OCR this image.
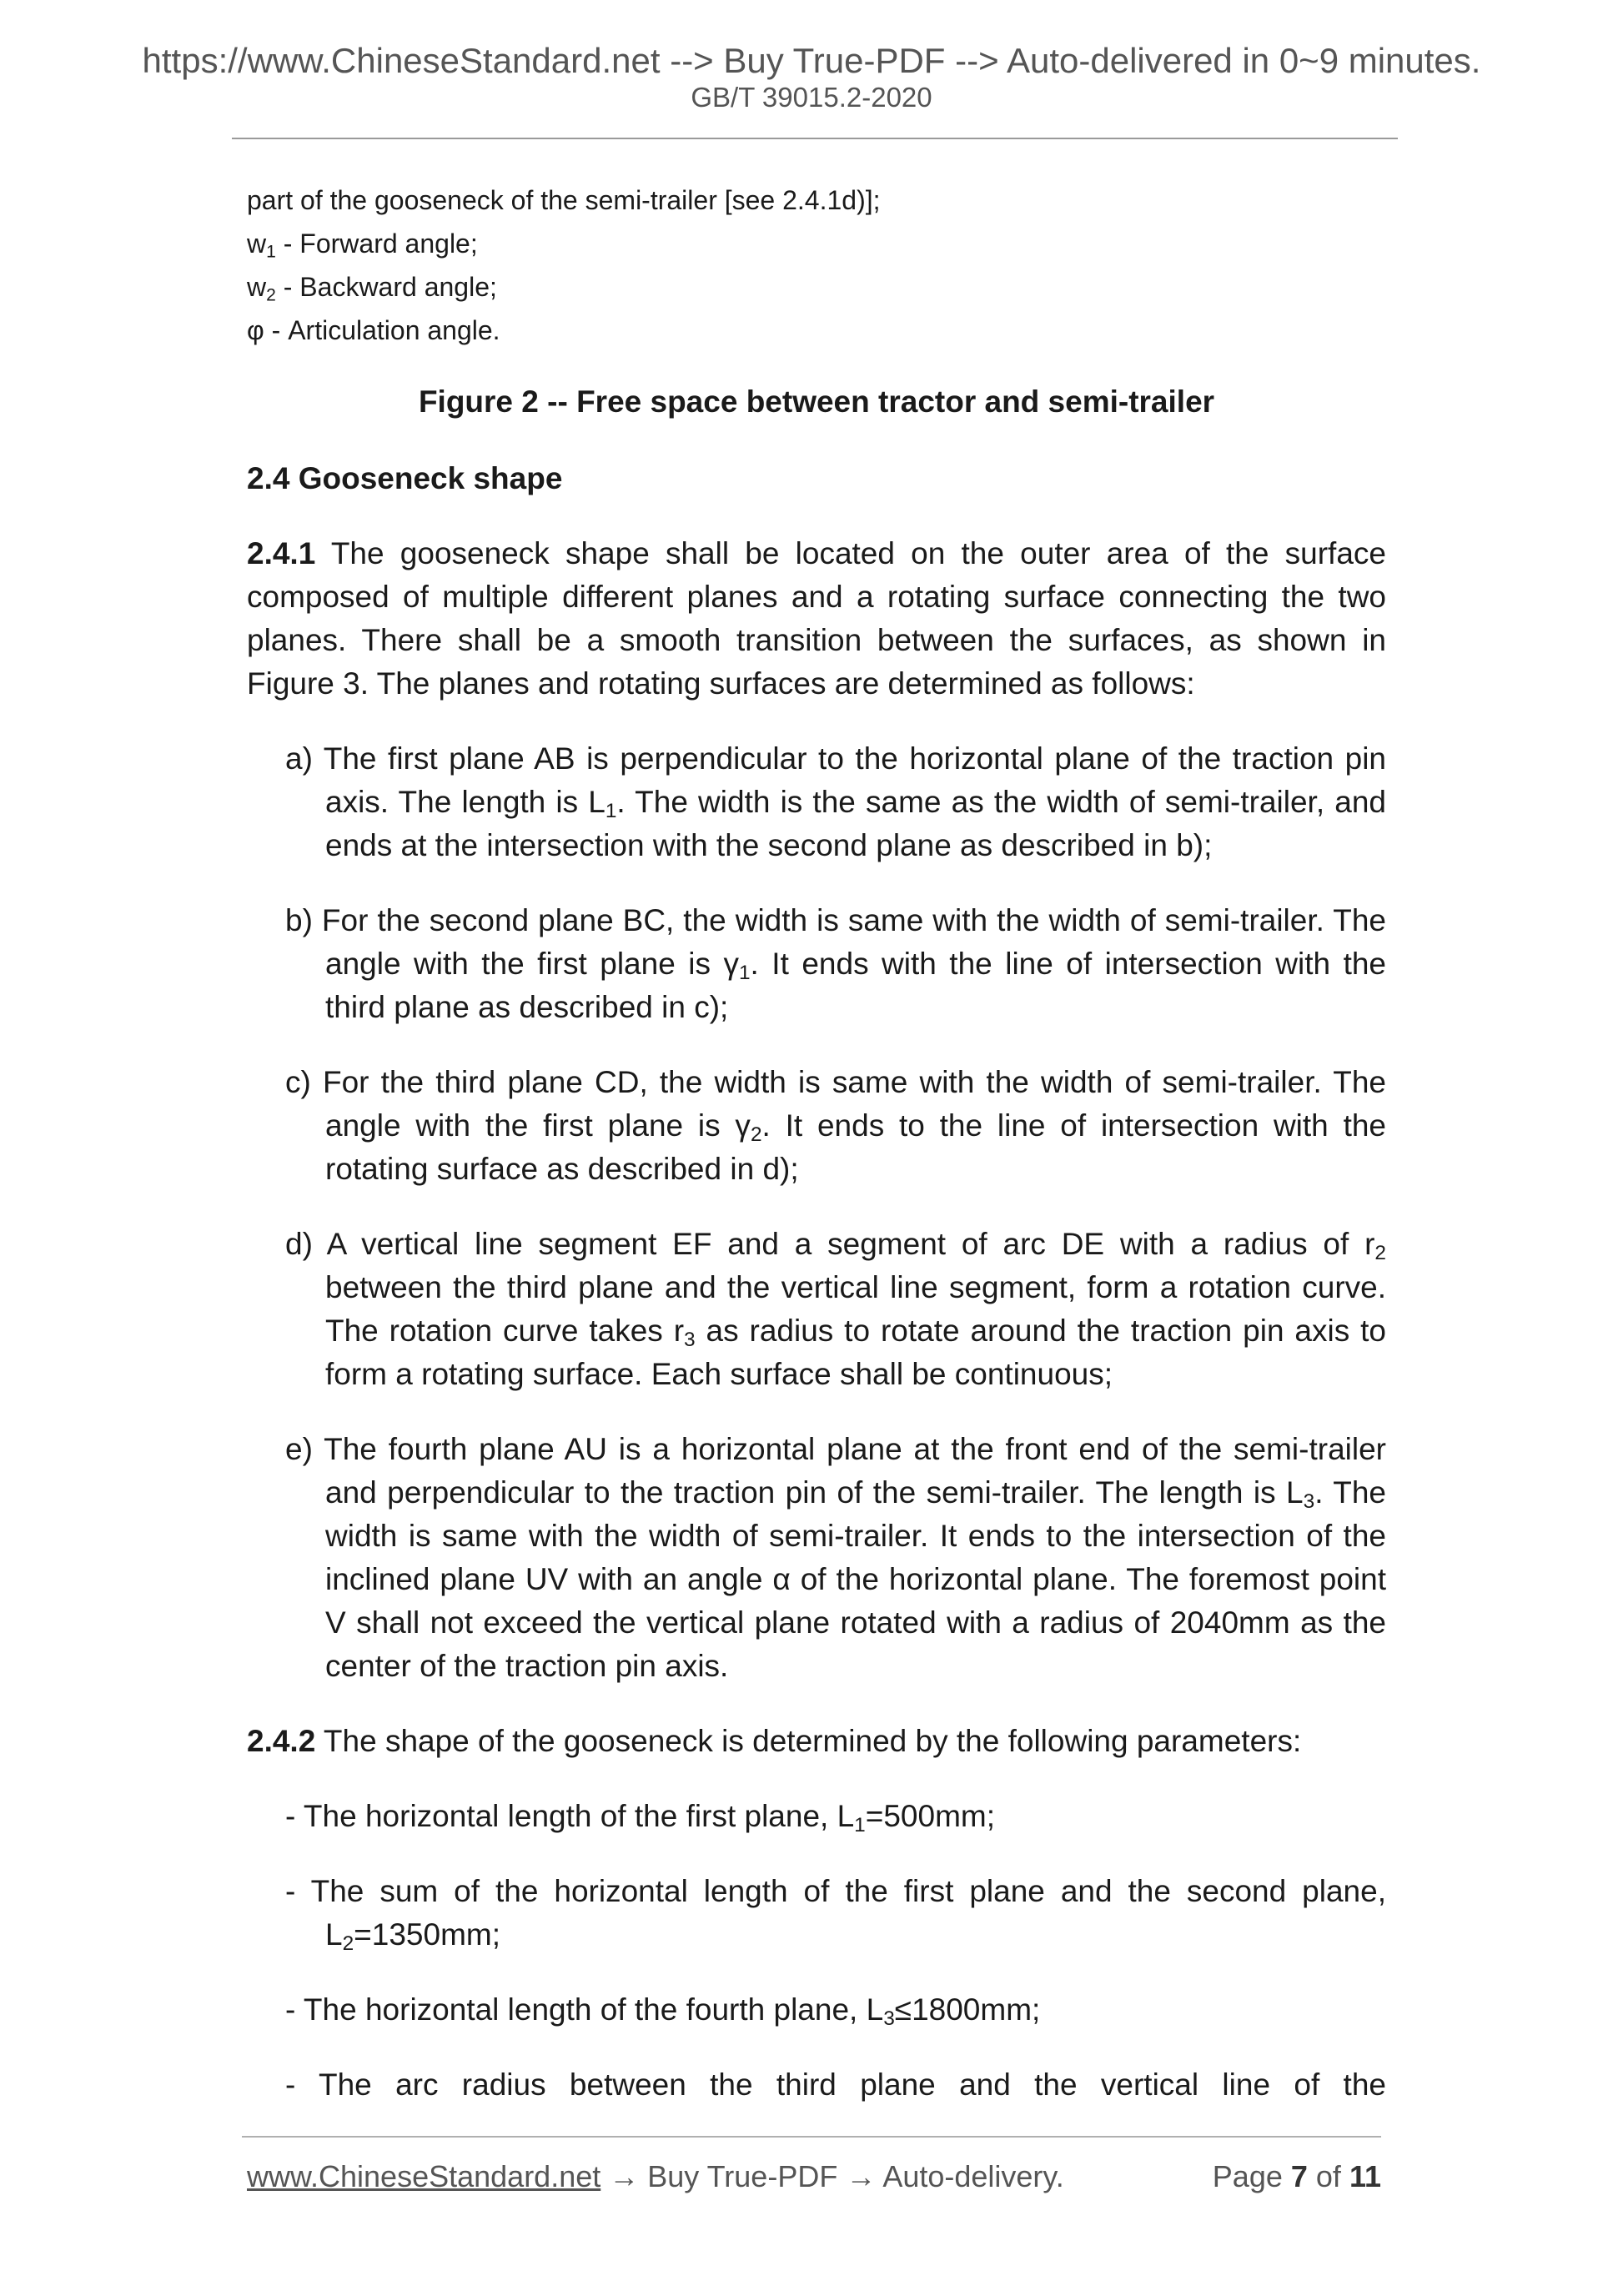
https://www.ChineseStandard.net --> Buy True-PDF --> Auto-delivered in 0~9 minutes.
GB/T 39015.2-2020
part of the gooseneck of the semi-trailer [see 2.4.1d)];
$w_1$ - Forward angle;
$w_2$ - Backward angle;
φ - Articulation angle.
Figure 2 -- Free space between tractor and semi-trailer
2.4 Gooseneck shape
2.4.1 The gooseneck shape shall be located on the outer area of the surface composed of multiple different planes and a rotating surface connecting the two planes. There shall be a smooth transition between the surfaces, as shown in Figure 3. The planes and rotating surfaces are determined as follows:
a) The first plane AB is perpendicular to the horizontal plane of the traction pin axis. The length is $L_1$. The width is the same as the width of semi-trailer, and ends at the intersection with the second plane as described in b);
b) For the second plane BC, the width is same with the width of semi-trailer. The angle with the first plane is $\gamma_1$. It ends with the line of intersection with the third plane as described in c);
c) For the third plane CD, the width is same with the width of semi-trailer. The angle with the first plane is $\gamma_2$. It ends to the line of intersection with the rotating surface as described in d);
d) A vertical line segment EF and a segment of arc DE with a radius of $r_2$ between the third plane and the vertical line segment, form a rotation curve. The rotation curve takes $r_3$ as radius to rotate around the traction pin axis to form a rotating surface. Each surface shall be continuous;
e) The fourth plane AU is a horizontal plane at the front end of the semi-trailer and perpendicular to the traction pin of the semi-trailer. The length is $L_3$. The width is same with the width of semi-trailer. It ends to the intersection of the inclined plane UV with an angle α of the horizontal plane. The foremost point V shall not exceed the vertical plane rotated with a radius of 2040mm as the center of the traction pin axis.
2.4.2 The shape of the gooseneck is determined by the following parameters:
- The horizontal length of the first plane, $L_1=500mm$;
- The sum of the horizontal length of the first plane and the second plane, $L_2=1350mm$;
- The horizontal length of the fourth plane, $L_3\le 1800mm$;
- The arc radius between the third plane and the vertical line of the
www.ChineseStandard.net → Buy True-PDF → Auto-delivery.	Page 7 of 11
